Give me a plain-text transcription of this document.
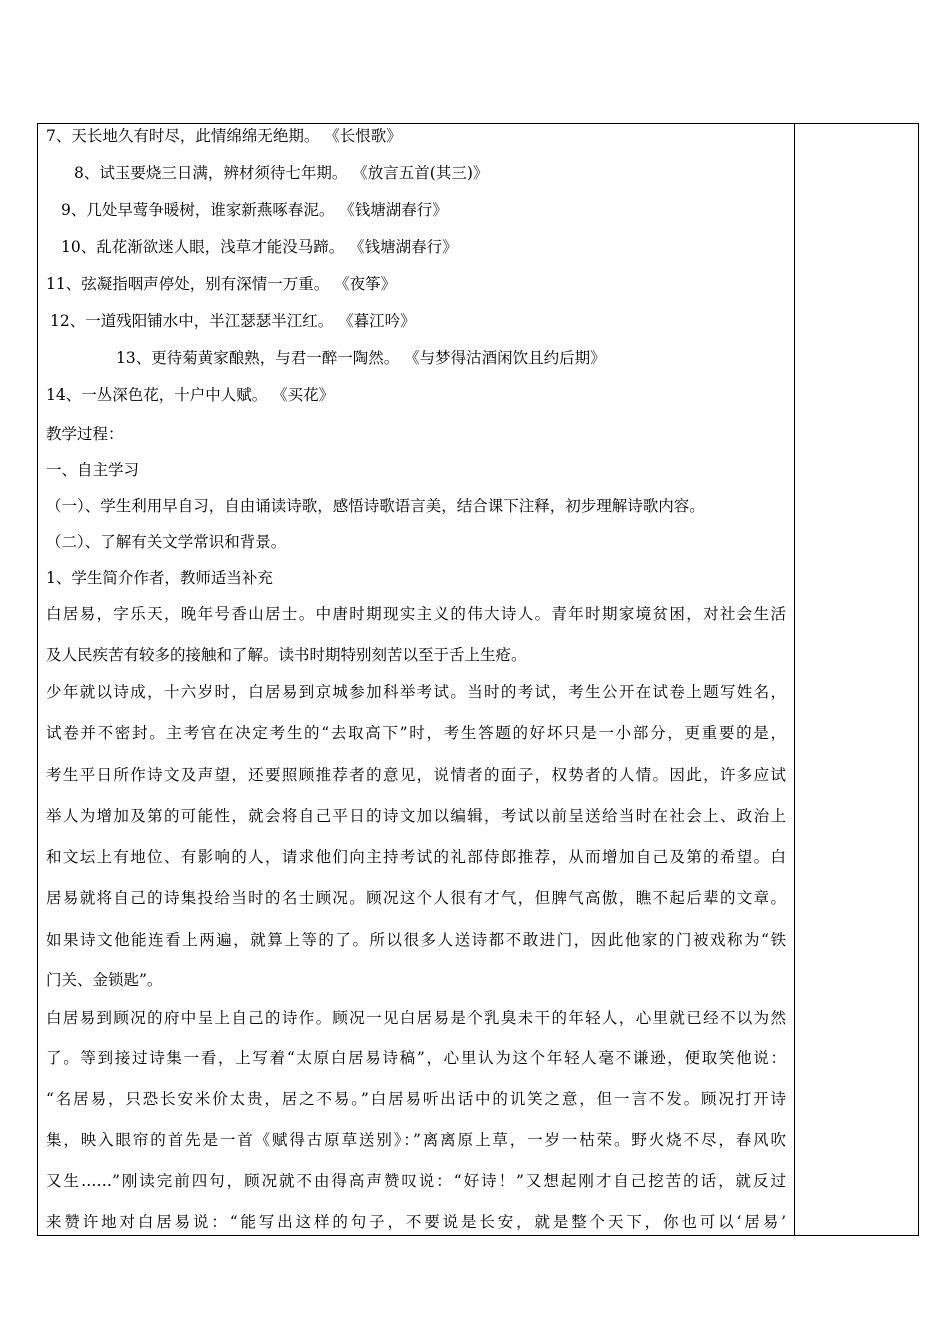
7、天长地久有时尽，此情绵绵无绝期。 《长恨歌》
8、试玉要烧三日满，辨材须待七年期。 《放言五首(其三)》
9、几处早莺争暖树，谁家新燕啄春泥。 《钱塘湖春行》
10、乱花渐欲迷人眼，浅草才能没马蹄。 《钱塘湖春行》
11、弦凝指咽声停处，别有深情一万重。 《夜筝》
12、一道残阳铺水中，半江瑟瑟半江红。 《暮江吟》
13、更待菊黄家酿熟，与君一醉一陶然。 《与梦得沽酒闲饮且约后期》
14、一丛深色花，十户中人赋。 《买花》
教学过程：
一、自主学习
（一）、学生利用早自习，自由诵读诗歌，感悟诗歌语言美，结合课下注释，初步理解诗歌内容。
（二）、了解有关文学常识和背景。
1、学生简介作者，教师适当补充
白居易，字乐天，晚年号香山居士。中唐时期现实主义的伟大诗人。青年时期家境贫困，对社会生活
及人民疾苦有较多的接触和了解。读书时期特别刻苦以至于舌上生疮。
少年就以诗成，十六岁时，白居易到京城参加科举考试。当时的考试，考生公开在试卷上题写姓名，
试卷并不密封。主考官在决定考生的“去取高下”时，考生答题的好坏只是一小部分，更重要的是，
考生平日所作诗文及声望，还要照顾推荐者的意见，说情者的面子，权势者的人情。因此，许多应试
举人为增加及第的可能性，就会将自己平日的诗文加以编辑，考试以前呈送给当时在社会上、政治上
和文坛上有地位、有影响的人，请求他们向主持考试的礼部侍郎推荐，从而增加自己及第的希望。白
居易就将自己的诗集投给当时的名士顾况。顾况这个人很有才气，但脾气高傲，瞧不起后辈的文章。
如果诗文他能连看上两遍，就算上等的了。所以很多人送诗都不敢进门，因此他家的门被戏称为“铁
门关、金锁匙”。
白居易到顾况的府中呈上自己的诗作。顾况一见白居易是个乳臭未干的年轻人，心里就已经不以为然
了。等到接过诗集一看，上写着“太原白居易诗稿”，心里认为这个年轻人毫不谦逊，便取笑他说：
“名居易，只恐长安米价太贵，居之不易。”白居易听出话中的讥笑之意，但一言不发。顾况打开诗
集，映入眼帘的首先是一首《赋得古原草送别》：”离离原上草，一岁一枯荣。野火烧不尽，春风吹
又生……”刚读完前四句，顾况就不由得高声赞叹说：“好诗！”又想起刚才自己挖苦的话，就反过
来赞许地对白居易说：“能写出这样的句子，不要说是长安，就是整个天下，你也可以‘居易’
